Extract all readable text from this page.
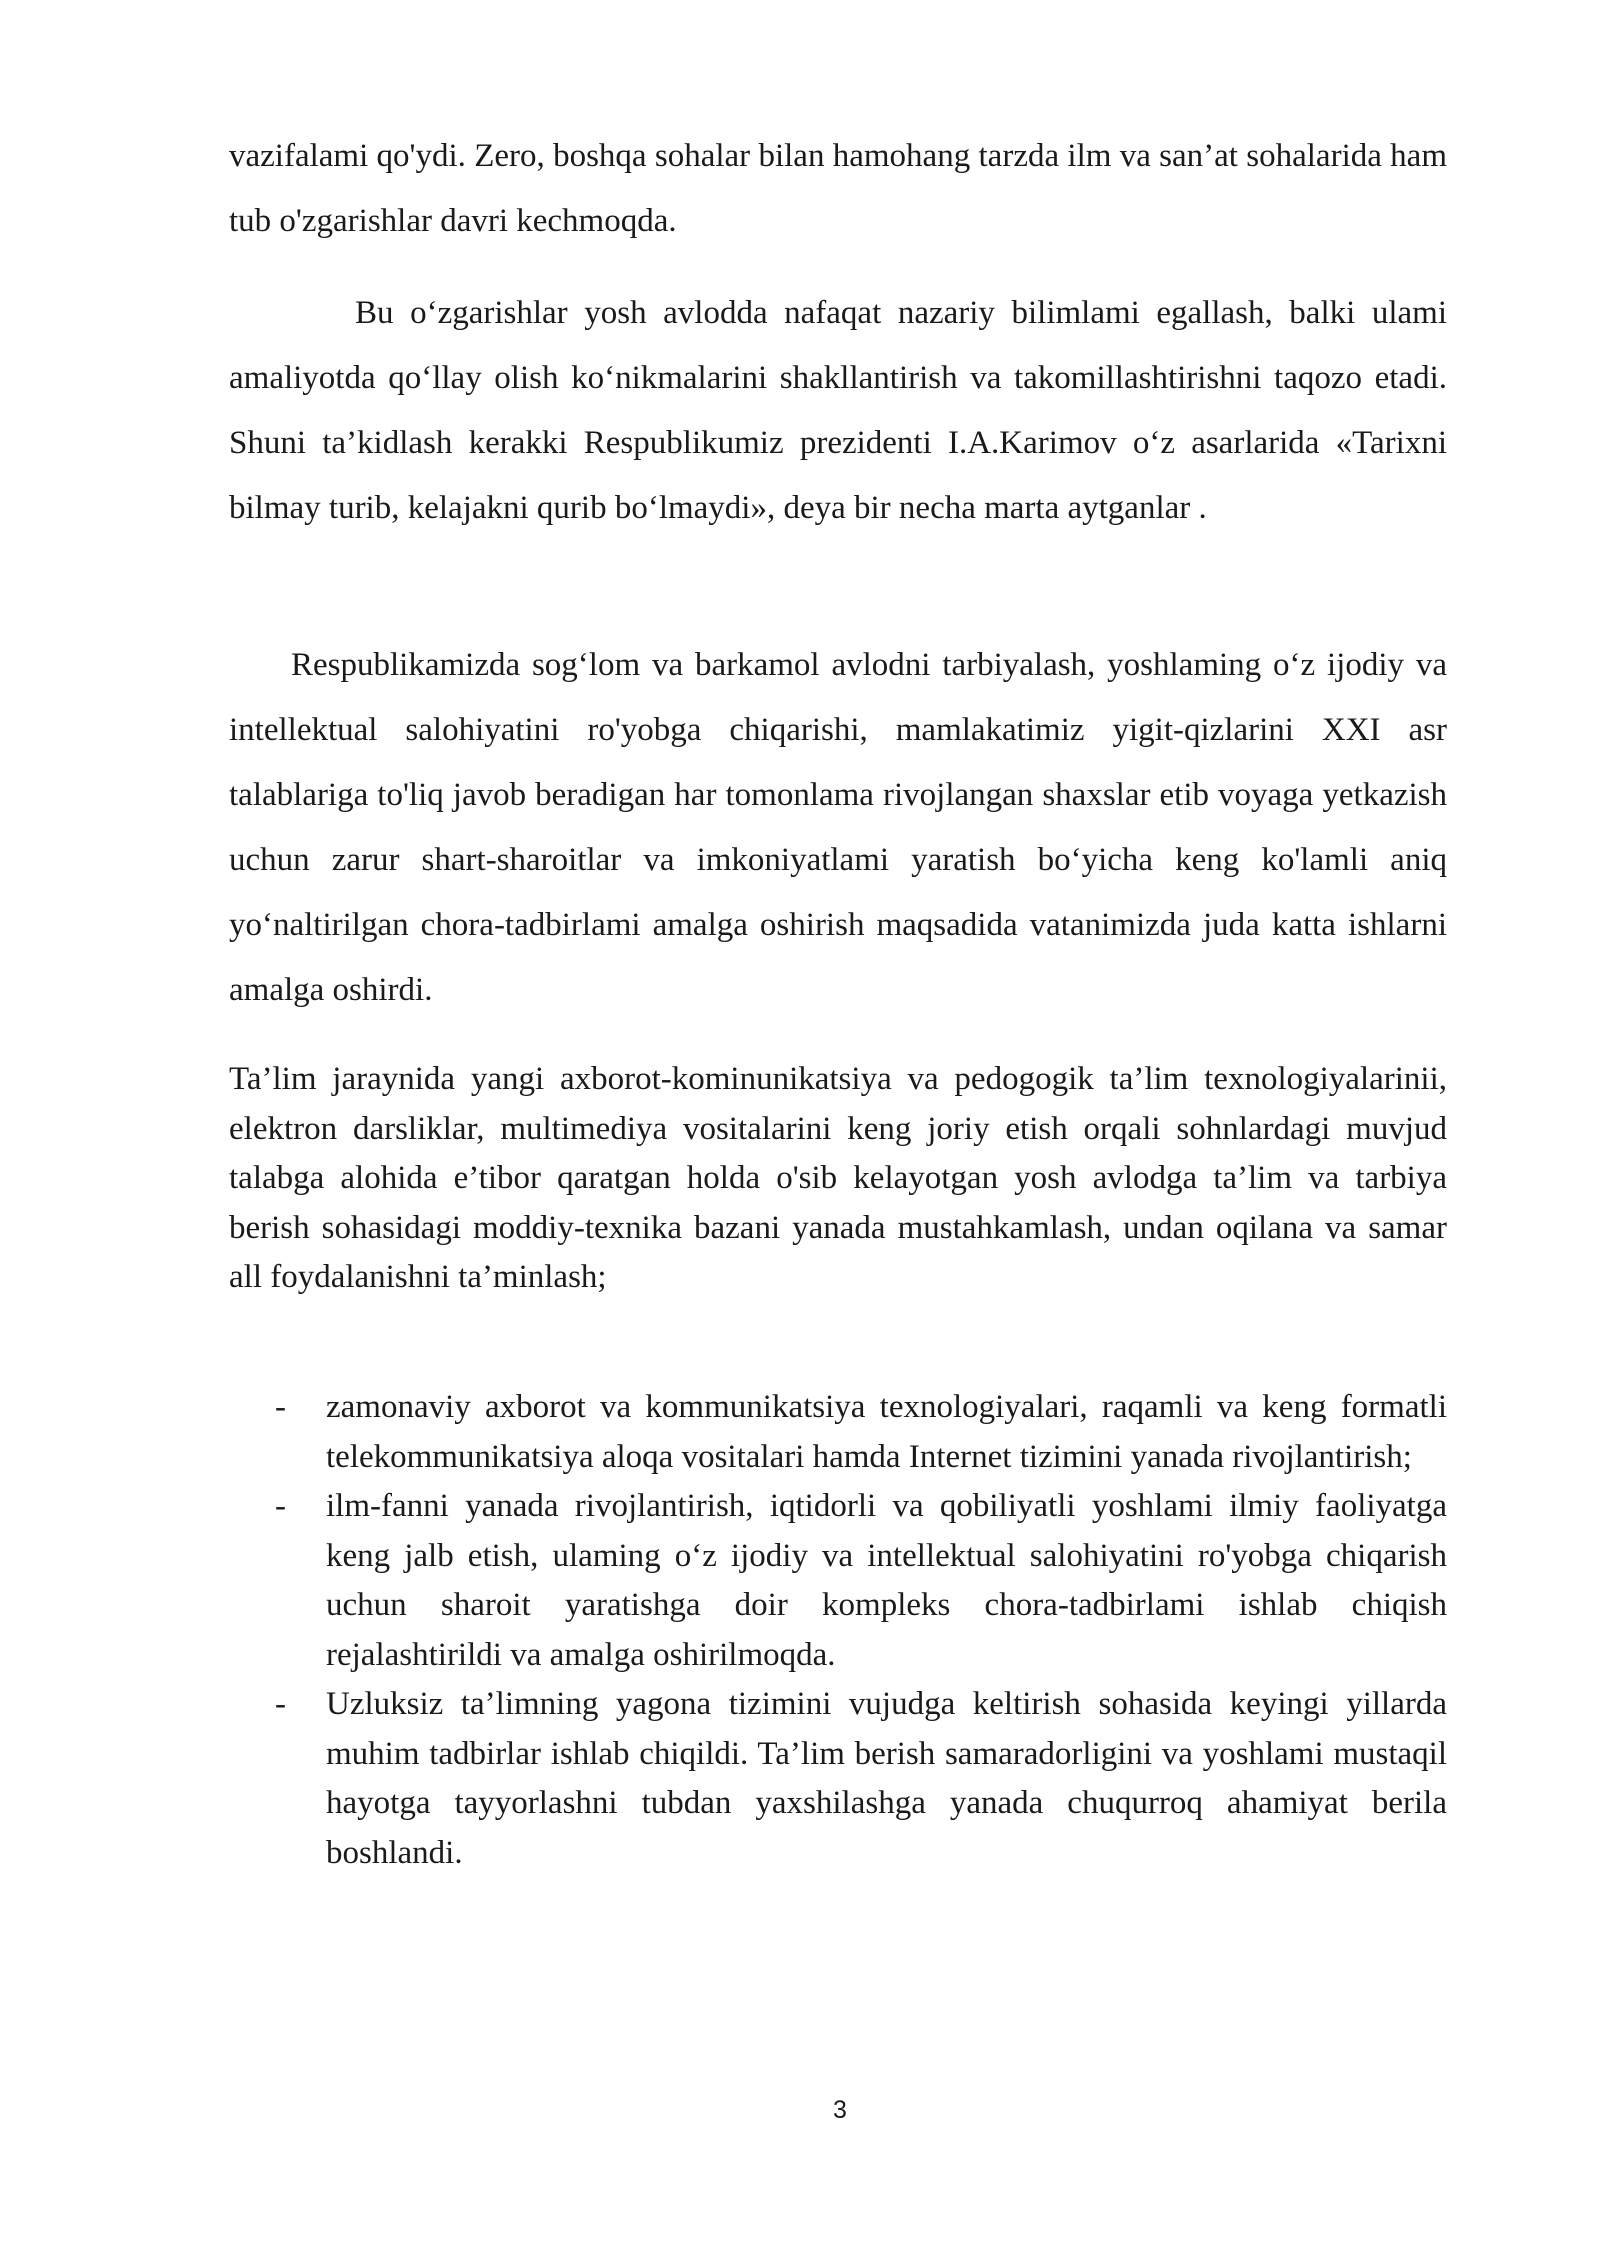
vazifalami qo'ydi. Zero, boshqa sohalar bilan hamohang tarzda ilm va san’at sohalarida ham tub o'zgarishlar davri kechmoqda.

Bu o‘zgarishlar yosh avlodda nafaqat nazariy bilimlami egallash, balki ulami amaliyotda qo‘llay olish ko‘nikmalarini shakllantirish va takomillashtirishni taqozo etadi. Shuni ta’kidlash kerakki Respublikumiz prezidenti I.A.Karimov o‘z asarlarida «Tarixni bilmay turib, kelajakni qurib bo‘lmaydi», deya bir necha marta aytganlar .

Respublikamizda sog‘lom va barkamol avlodni tarbiyalash, yoshlaming o‘z ijodiy va intellektual salohiyatini ro'yobga chiqarishi, mamlakatimiz yigit-qizlarini XXI asr talablariga to'liq javob beradigan har tomonlama rivojlangan shaxslar etib voyaga yetkazish uchun zarur shart-sharoitlar va imkoniyatlami yaratish bo‘yicha keng ko'lamli aniq yo‘naltirilgan chora-tadbirlami amalga oshirish maqsadida vatanimizda juda katta ishlarni amalga oshirdi.

Ta’lim jaraynida yangi axborot-kominunikatsiya va pedogogik ta’lim texnologiyalarinii, elektron darsliklar, multimediya vositalarini keng joriy etish orqali sohnlardagi muvjud talabga alohida e’tibor qaratgan holda o'sib kelayotgan yosh avlodga ta’lim va tarbiya berish sohasidagi moddiy-texnika bazani yanada mustahkamlash, undan oqilana va samar all foydalanishni ta’minlash;

- zamonaviy axborot va kommunikatsiya texnologiyalari, raqamli va keng formatli telekommunikatsiya aloqa vositalari hamda Internet tizimini yanada rivojlantirish;
- ilm-fanni yanada rivojlantirish, iqtidorli va qobiliyatli yoshlami ilmiy faoliyatga keng jalb etish, ulaming o‘z ijodiy va intellektual salohiyatini ro'yobga chiqarish uchun sharoit yaratishga doir kompleks chora-tadbirlami ishlab chiqish rejalashtirildi va amalga oshirilmoqda.
- Uzluksiz ta’limning yagona tizimini vujudga keltirish sohasida keyingi yillarda muhim tadbirlar ishlab chiqildi. Ta’lim berish samaradorligini va yoshlami mustaqil hayotga tayyorlashni tubdan yaxshilashga yanada chuqurroq ahamiyat berila boshlandi.
3
